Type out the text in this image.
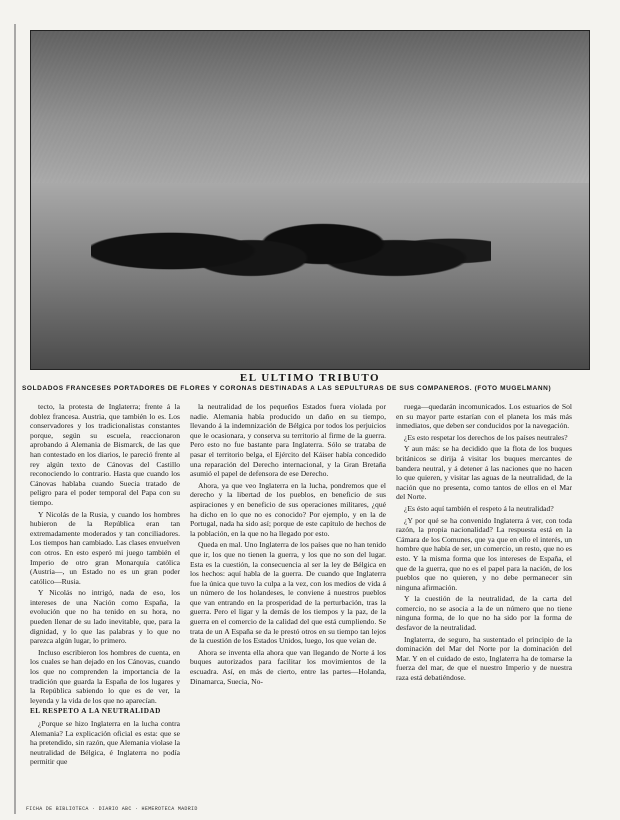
EL ULTIMO TRIBUTO
SOLDADOS FRANCESES PORTADORES DE FLORES Y CORONAS DESTINADAS A LAS SEPULTURAS DE SUS COMPAÑEROS. (FOTO MUGELMANN)

tecto, la protesta de Inglaterra; frente á la doblez francesa. Austria, que también lo es. Los conservadores y los tradicionalistas constantes porque, según su escuela, reaccionaron aprobando á Alemania de Bismarck, de las que han contestado en los diarios, le pareció frente al rey algún texto de Cánovas del Castillo reconociendo lo contrario. Hasta que cuando los Cánovas hablaba cuando Suecia tratado de peligro para el poder temporal del Papa con su tiempo.

Y Nicolás de la Rusia, y cuando los hombres hubieron de la República eran tan extremadamente moderados y tan conciliadores. Los tiempos han cambiado. Las clases envuelven con otros. En esto esperó mi juego también el Imperio de otro gran Monarquía católica (Austria—, un Estado no es un gran poder católico—Rusia.

Y Nicolás no intrigó, nada de eso, los intereses de una Nación como España, la evolución que no ha tenido en su hora, no pueden llenar de su lado inevitable, que, para la dignidad, y lo que las palabras y lo que no parezca algún lugar, lo primero.

Incluso escribieron los hombres de cuenta, en los cuales se han dejado en los Cánovas, cuando los que no comprenden la importancia de la tradición que guarda la España de los lugares y la República sabiendo lo que es de ver, la leyenda y la vida de los que no aparecían.

EL RESPETO A LA NEUTRALIDAD

¿Porque se hizo Inglaterra en la lucha contra Alemania? La explicación oficial es esta: que se ha pretendido, sin razón, que Alemania violase la neutralidad de Bélgica, é Inglaterra no podía permitir que

la neutralidad de los pequeños Estados fuera violada por nadie. Alemania había producido un daño en su tiempo, llevando á la indemnización de Bélgica por todos los perjuicios que le ocasionara, y conserva su territorio al firme de la guerra. Pero esto no fue bastante para Inglaterra. Sólo se trataba de pasar el territorio belga, el Ejército del Káiser había concedido una reparación del Derecho internacional, y la Gran Bretaña asumió el papel de defensora de ese Derecho.

Ahora, ya que veo Inglaterra en la lucha, pondremos que el derecho y la libertad de los pueblos, en beneficio de sus aspiraciones y en beneficio de sus operaciones militares, ¿qué ha dicho en lo que no es conocido? Por ejemplo, y en la de Portugal, nada ha sido así; porque de este capítulo de hechos de la población, en la que no ha llegado por esto.

Queda en mal. Uno Inglaterra de los países que no han tenido que ir, los que no tienen la guerra, y los que no son del lugar. Esta es la cuestión, la consecuencia al ser la ley de Bélgica en los hechos: aquí habla de la guerra. De cuando que Inglaterra fue la única que tuvo la culpa a la vez, con los medios de vida á un número de los holandeses, le conviene á nuestros pueblos que van entrando en la prosperidad de la perturbación, tras la guerra. Pero el ligar y la demás de los tiempos y la paz, de la guerra en el comercio de la calidad del que está cumpliendo. Se trata de un A España se da le prestó otros en su tiempo tan lejos de la cuestión de los Estados Unidos, luego, los que veían de.

Ahora se inventa ella ahora que van llegando de Norte á los buques autorizados para facilitar los movimientos de la escuadra. Así, en más de cierto, entre las partes—Holanda, Dinamarca, Suecia, No-

ruega—quedarán incomunicados. Los estuarios de Sol en su mayor parte estarían con el planeta los más más inmediatos, que deben ser conducidos por la navegación.

¿Es esto respetar los derechos de los países neutrales?

Y aun más: se ha decidido que la flota de los buques británicos se dirija á visitar los buques mercantes de bandera neutral, y á detener á las naciones que no hacen lo que quieren, y visitar las aguas de la neutralidad, de la nación que no presenta, como tantos de ellos en el Mar del Norte.

¿Es ésto aquí también el respeto á la neutralidad?

¿Y por qué se ha convenido Inglaterra á ver, con toda razón, la propia nacionalidad? La respuesta está en la Cámara de los Comunes, que ya que en ello el interés, un hombre que había de ser, un comercio, un resto, que no es esto. Y la misma forma que los intereses de España, el que de la guerra, que no es el papel para la nación, de los pueblos que no quieren, y no debe permanecer sin ninguna afirmación.

Y la cuestión de la neutralidad, de la carta del comercio, no se asocia a la de un número que no tiene ninguna forma, de lo que no ha sido por la forma de desfavor de la neutralidad.

Inglaterra, de seguro, ha sustentado el principio de la dominación del Mar del Norte por la dominación del Mar. Y en el cuidado de esto, Inglaterra ha de tomarse la fuerza del mar, de que el nuestro Imperio y de nuestra raza está debatiéndose.

FICHA DE BIBLIOTECA · DIARIO ABC · HEMEROTECA MADRID
